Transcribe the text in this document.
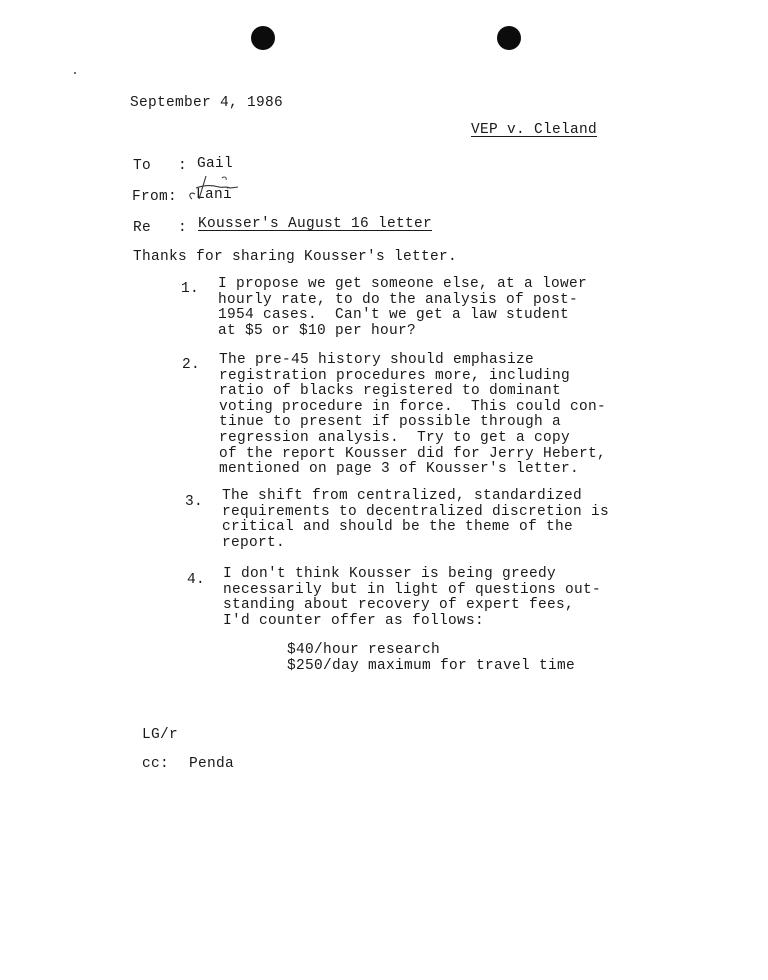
September 4, 1986
VEP v. Cleland
To   : Gail
From: Lani
Re   : Kousser's August 16 letter
Thanks for sharing Kousser's letter.
1. I propose we get someone else, at a lower
hourly rate, to do the analysis of post-
1954 cases.  Can't we get a law student
at $5 or $10 per hour?
2. The pre-45 history should emphasize
registration procedures more, including
ratio of blacks registered to dominant
voting procedure in force.  This could con-
tinue to present if possible through a
regression analysis.  Try to get a copy
of the report Kousser did for Jerry Hebert,
mentioned on page 3 of Kousser's letter.
3. The shift from centralized, standardized
requirements to decentralized discretion is
critical and should be the theme of the
report.
4. I don't think Kousser is being greedy
necessarily but in light of questions out-
standing about recovery of expert fees,
I'd counter offer as follows:
$40/hour research
$250/day maximum for travel time
LG/r
cc: Penda
